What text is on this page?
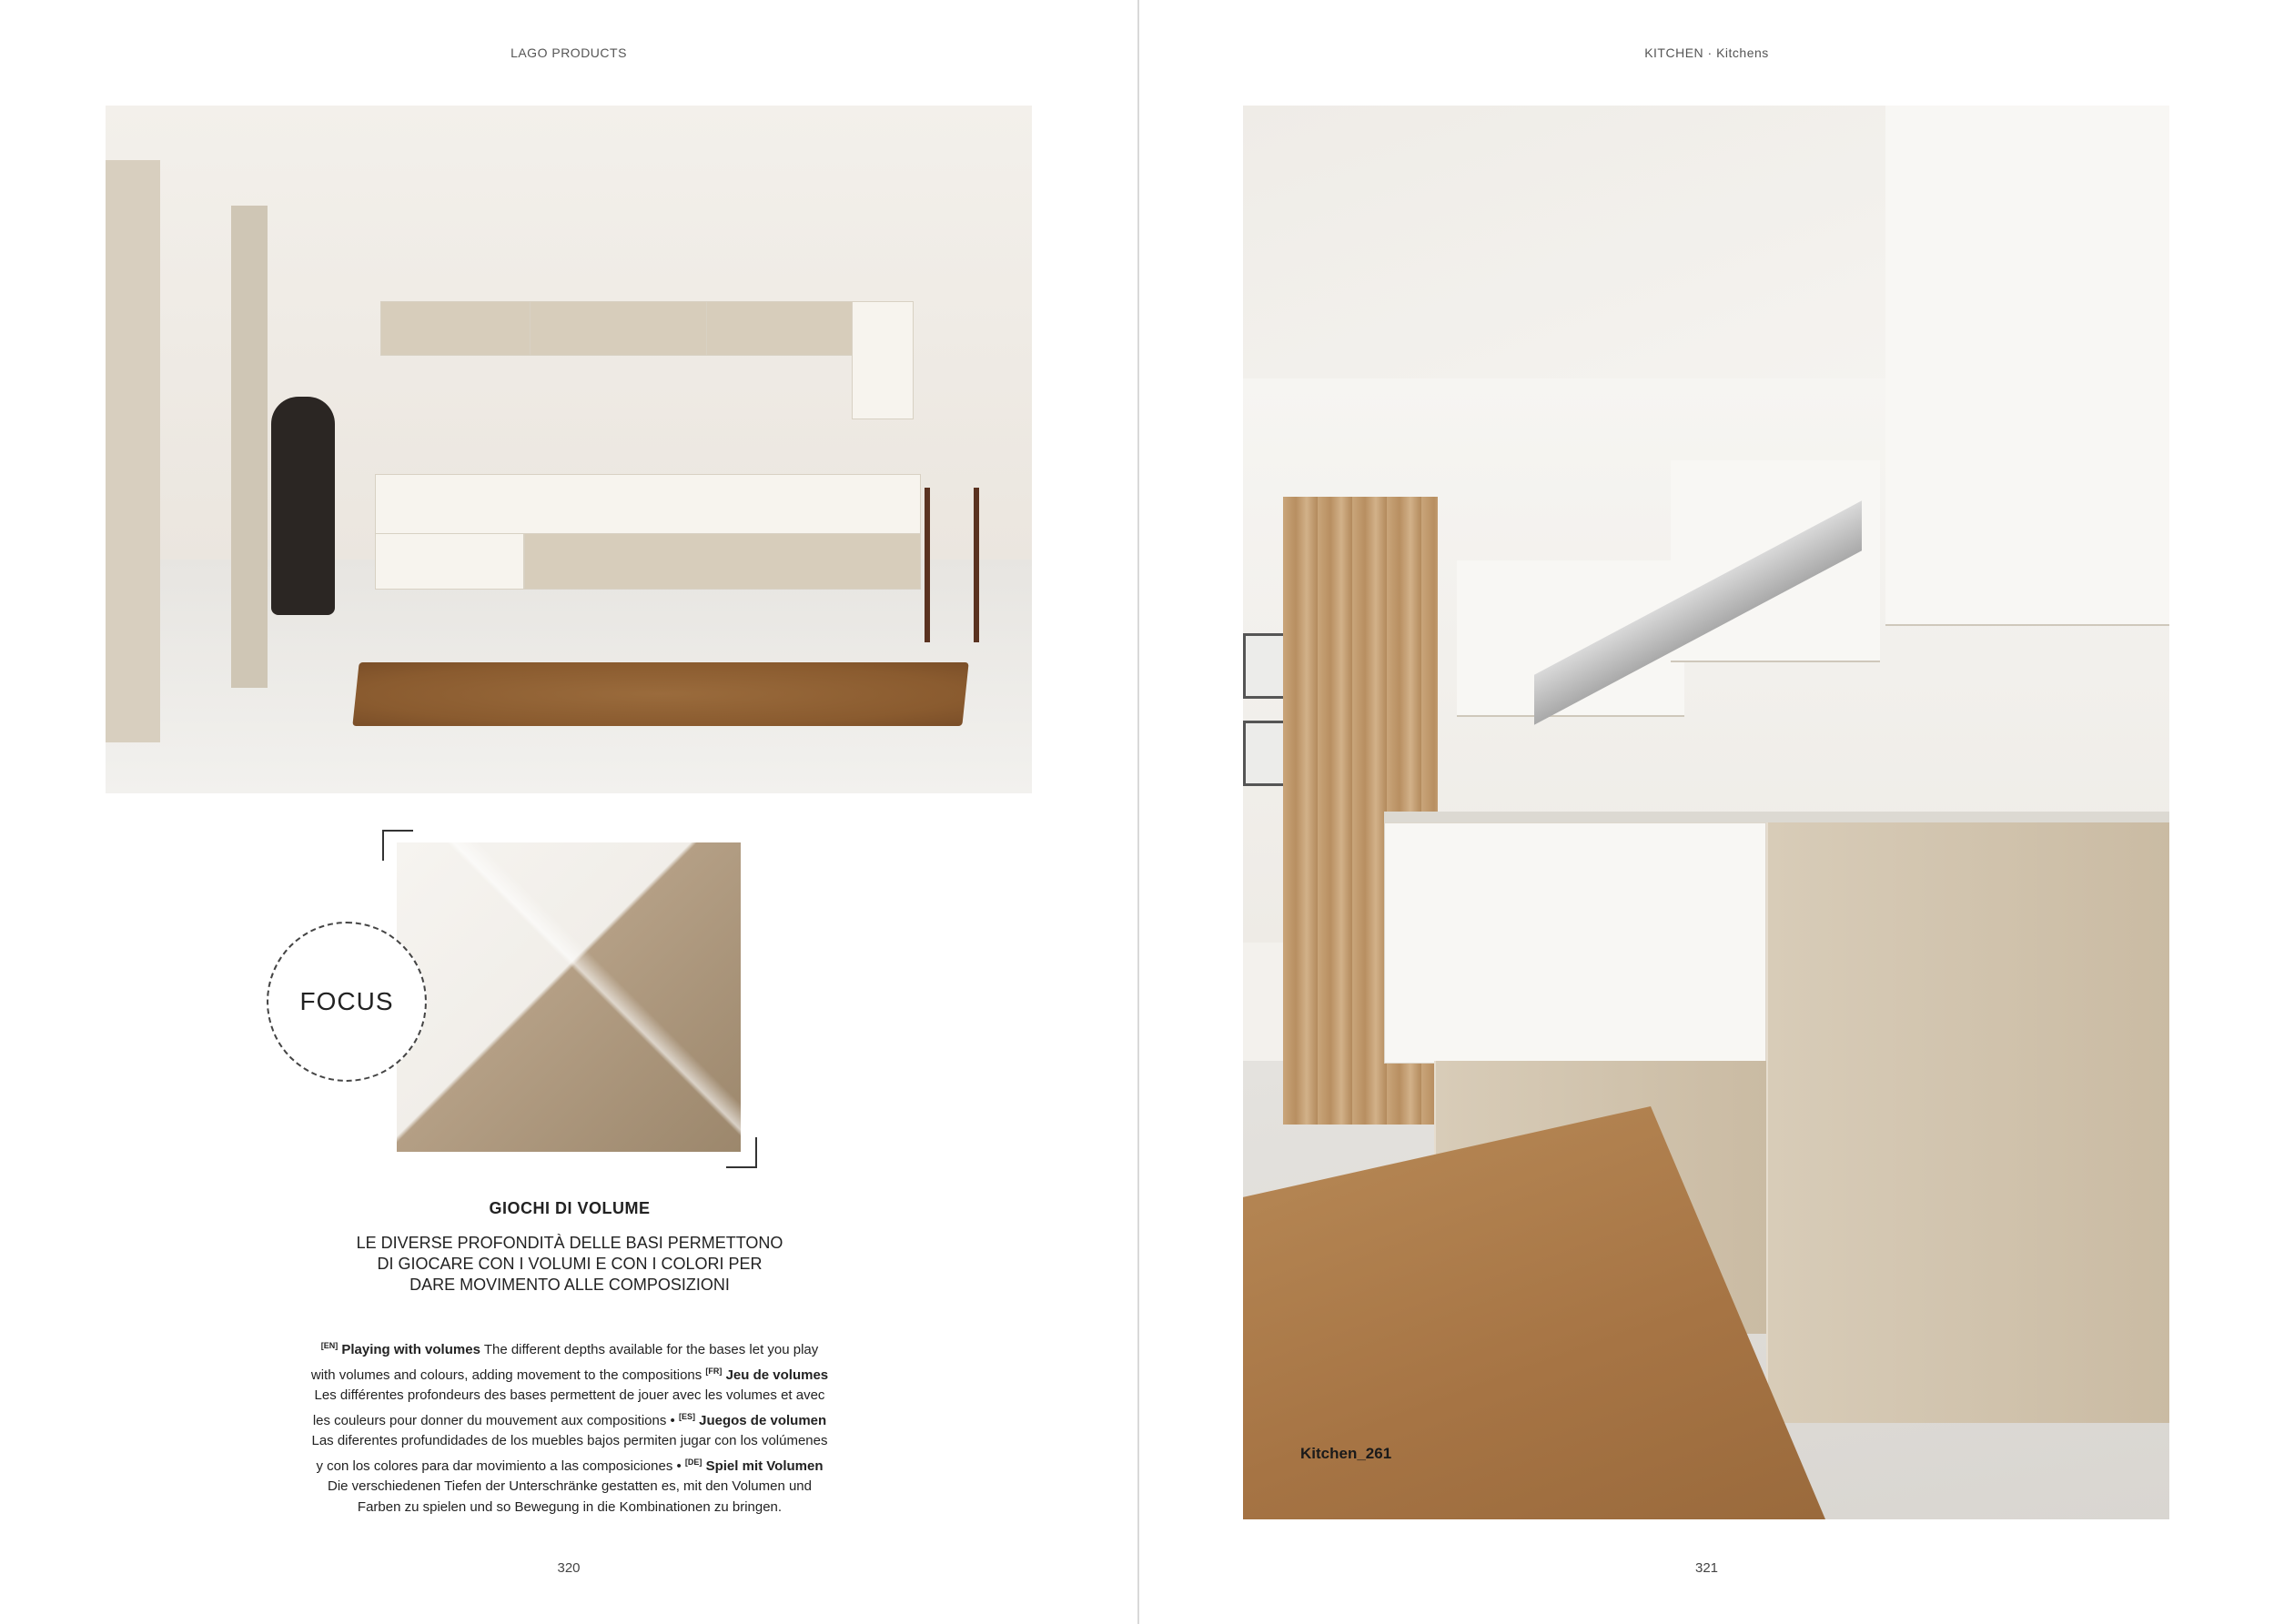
LAGO PRODUCTS
FOCUS
GIOCHI DI VOLUME
LE DIVERSE PROFONDITÀ DELLE BASI PERMETTONO
DI GIOCARE CON I VOLUMI E CON I COLORI PER
DARE MOVIMENTO ALLE COMPOSIZIONI
[EN] Playing with volumes The different depths available for the bases let you play with volumes and colours, adding movement to the compositions [FR] Jeu de volumes Les différentes profondeurs des bases permettent de jouer avec les volumes et avec les couleurs pour donner du mouvement aux compositions • [ES] Juegos de volumen Las diferentes profundidades de los muebles bajos permiten jugar con los volúmenes y con los colores para dar movimiento a las composiciones • [DE] Spiel mit Volumen Die verschiedenen Tiefen der Unterschränke gestatten es, mit den Volumen und Farben zu spielen und so Bewegung in die Kombinationen zu bringen.
320
KITCHEN · Kitchens
321
Kitchen_261
